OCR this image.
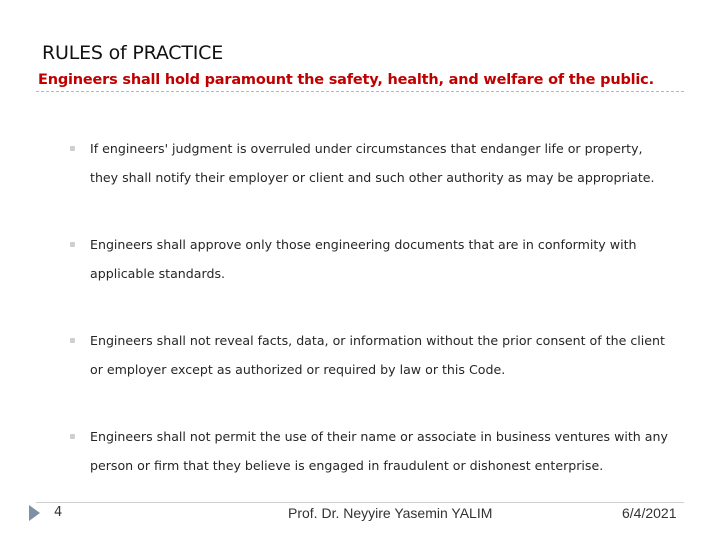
RULES of PRACTICE
Engineers shall hold paramount the safety, health, and welfare of the public.
If engineers' judgment is overruled under circumstances that endanger life or property, they shall notify their employer or client and such other authority as may be appropriate.
Engineers shall approve only those engineering documents that are in conformity with applicable standards.
Engineers shall not reveal facts, data, or information without the prior consent of the client or employer except as authorized or required by law or this Code.
Engineers shall not permit the use of their name or associate in business ventures with any person or firm that they believe is engaged in fraudulent or dishonest enterprise.
4	Prof. Dr. Neyyire Yasemin YALIM	6/4/2021
